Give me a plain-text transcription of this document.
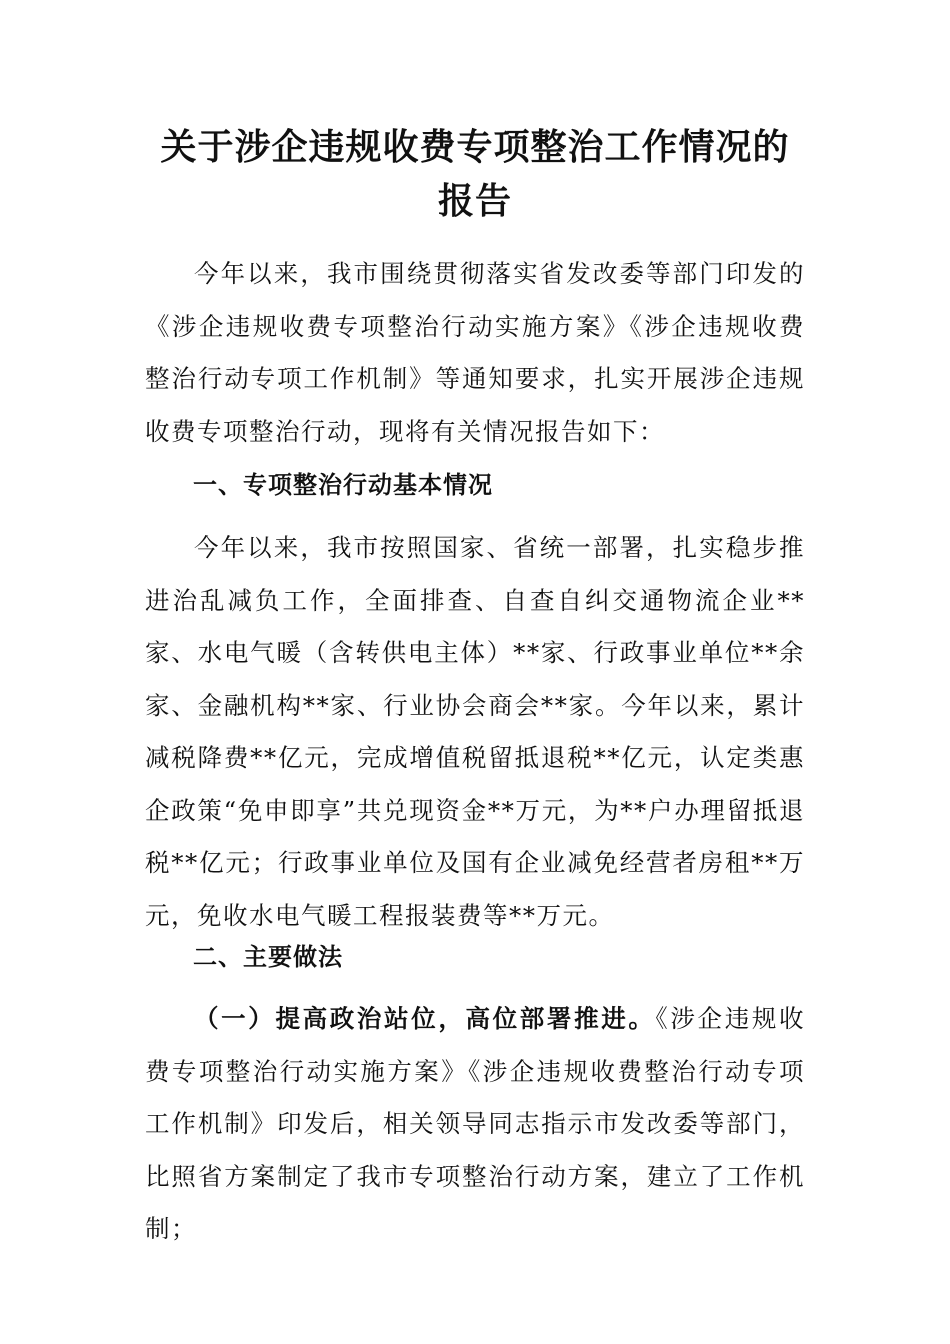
关于涉企违规收费专项整治工作情况的报告

今年以来，我市围绕贯彻落实省发改委等部门印发的《涉企违规收费专项整治行动实施方案》《涉企违规收费整治行动专项工作机制》等通知要求，扎实开展涉企违规收费专项整治行动，现将有关情况报告如下：

一、专项整治行动基本情况

今年以来，我市按照国家、省统一部署，扎实稳步推进治乱减负工作，全面排查、自查自纠交通物流企业**家、水电气暖（含转供电主体）**家、行政事业单位**余家、金融机构**家、行业协会商会**家。今年以来，累计减税降费**亿元，完成增值税留抵退税**亿元，认定类惠企政策“免申即享”共兑现资金**万元，为**户办理留抵退税**亿元；行政事业单位及国有企业减免经营者房租**万元，免收水电气暖工程报装费等**万元。

二、主要做法

（一）提高政治站位，高位部署推进。《涉企违规收费专项整治行动实施方案》《涉企违规收费整治行动专项工作机制》印发后，相关领导同志指示市发改委等部门，比照省方案制定了我市专项整治行动方案，建立了工作机制；
